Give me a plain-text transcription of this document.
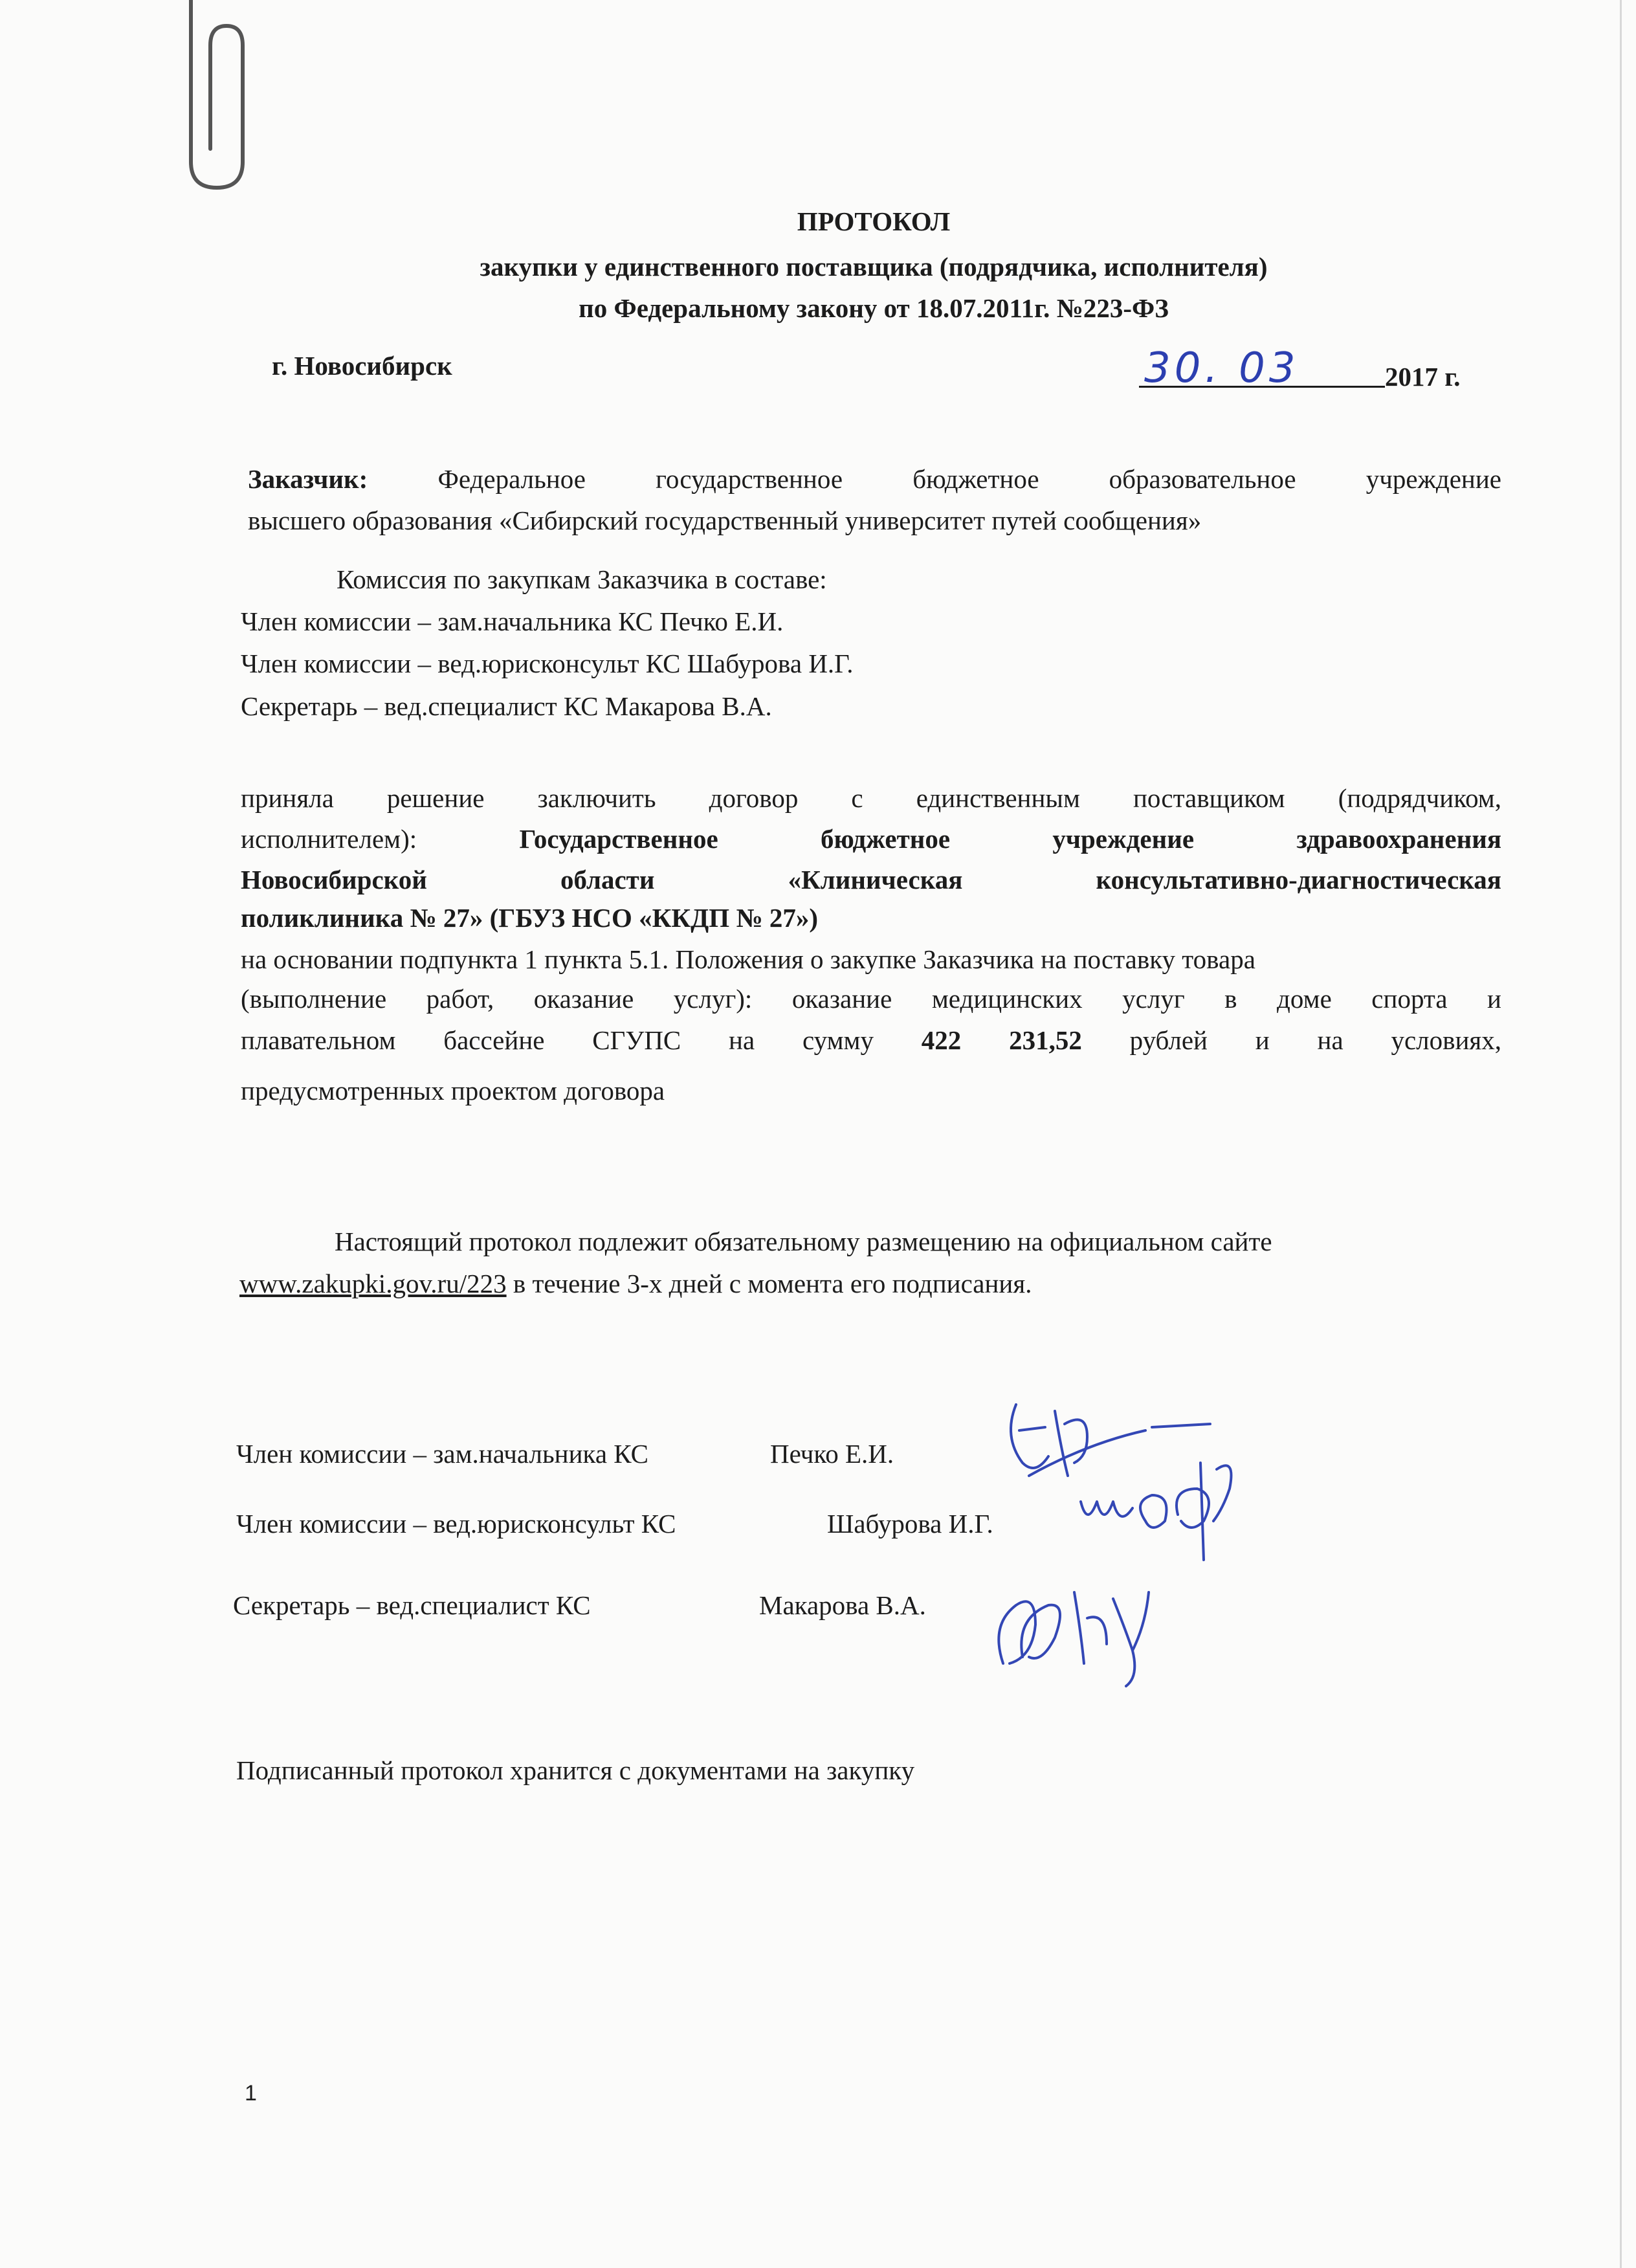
ПРОТОКОЛ
закупки у единственного поставщика (подрядчика, исполнителя)
по Федеральному закону от 18.07.2011г. №223-ФЗ
г. Новосибирск	30. 03	2017 г.
Заказчик:	Федеральное государственное бюджетное образовательное учреждение
высшего образования «Сибирский государственный университет путей сообщения»
Комиссия по закупкам Заказчика в составе:
Член комиссии – зам.начальника КС Печко Е.И.
Член комиссии – вед.юрисконсульт КС Шабурова И.Г.
Секретарь – вед.специалист КС Макарова В.А.
приняла решение заключить договор с единственным поставщиком (подрядчиком,
исполнителем):	Государственное бюджетное учреждение здравоохранения
Новосибирской области «Клиническая консультативно-диагностическая
поликлиника № 27» (ГБУЗ НСО «ККДП № 27»)
на основании подпункта 1 пункта 5.1. Положения о закупке Заказчика на поставку товара
(выполнение работ, оказание услуг): оказание медицинских услуг в доме спорта и
плавательном бассейне СГУПС на сумму 422 231,52 рублей и на условиях,
предусмотренных проектом договора
Настоящий протокол подлежит обязательному размещению на официальном сайте
www.zakupki.gov.ru/223 в течение 3-х дней с момента его подписания.
Член комиссии – зам.начальника КС	Печко Е.И.
Член комиссии – вед.юрисконсульт КС	Шабурова И.Г.
Секретарь – вед.специалист КС	Макарова В.А.
Подписанный протокол хранится с документами на закупку
1
